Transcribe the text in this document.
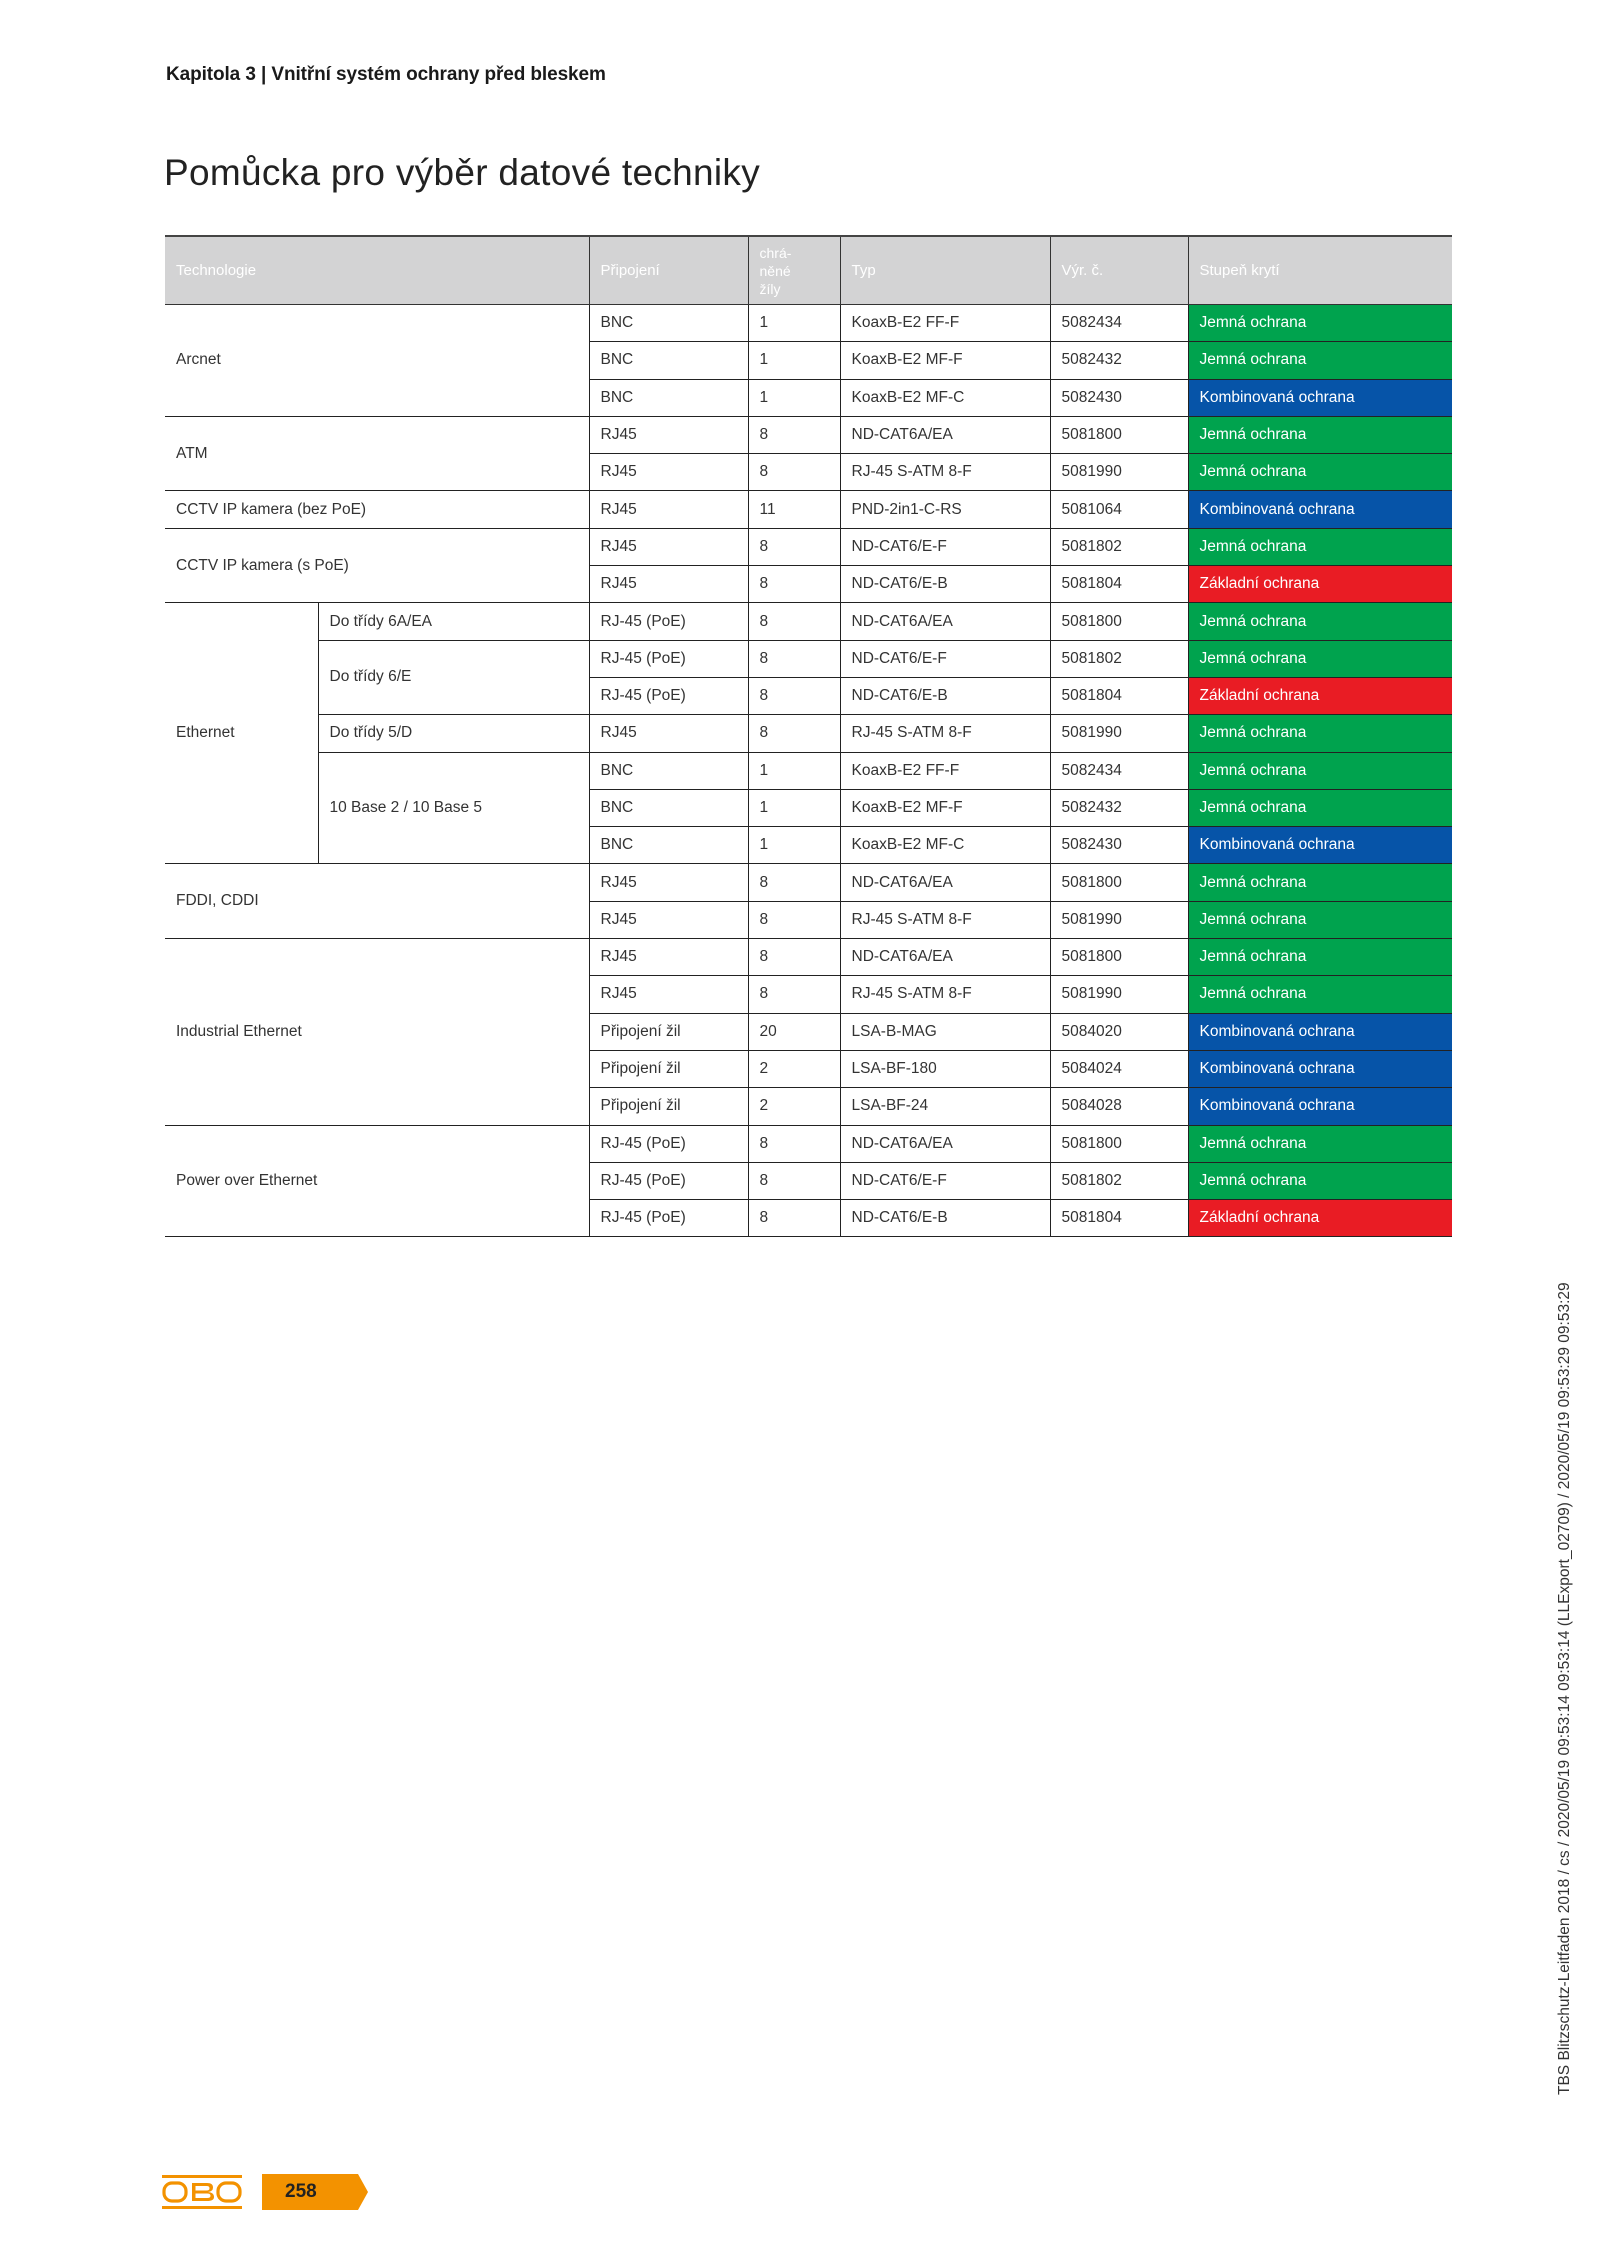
Kapitola 3 | Vnitřní systém ochrany před bleskem
Pomůcka pro výběr datové techniky
Technologie		Připojení	chrá-
něné
žíly	Typ	Výr. č.	Stupeň krytí
Arcnet		BNC	1	KoaxB-E2 FF-F	5082434	Jemná ochrana
		BNC	1	KoaxB-E2 MF-F	5082432	Jemná ochrana
		BNC	1	KoaxB-E2 MF-C	5082430	Kombinovaná ochrana
ATM		RJ45	8	ND-CAT6A/EA	5081800	Jemná ochrana
		RJ45	8	RJ-45 S-ATM 8-F	5081990	Jemná ochrana
CCTV IP kamera (bez PoE)		RJ45	11	PND-2in1-C-RS	5081064	Kombinovaná ochrana
CCTV IP kamera (s PoE)		RJ45	8	ND-CAT6/E-F	5081802	Jemná ochrana
		RJ45	8	ND-CAT6/E-B	5081804	Základní ochrana
Ethernet	Do třídy 6A/EA	RJ-45 (PoE)	8	ND-CAT6A/EA	5081800	Jemná ochrana
	Do třídy 6/E	RJ-45 (PoE)	8	ND-CAT6/E-F	5081802	Jemná ochrana
		RJ-45 (PoE)	8	ND-CAT6/E-B	5081804	Základní ochrana
	Do třídy 5/D	RJ45	8	RJ-45 S-ATM 8-F	5081990	Jemná ochrana
	10 Base 2 / 10 Base 5	BNC	1	KoaxB-E2 FF-F	5082434	Jemná ochrana
		BNC	1	KoaxB-E2 MF-F	5082432	Jemná ochrana
		BNC	1	KoaxB-E2 MF-C	5082430	Kombinovaná ochrana
FDDI, CDDI		RJ45	8	ND-CAT6A/EA	5081800	Jemná ochrana
		RJ45	8	RJ-45 S-ATM 8-F	5081990	Jemná ochrana
Industrial Ethernet		RJ45	8	ND-CAT6A/EA	5081800	Jemná ochrana
		RJ45	8	RJ-45 S-ATM 8-F	5081990	Jemná ochrana
		Připojení žil	20	LSA-B-MAG	5084020	Kombinovaná ochrana
		Připojení žil	2	LSA-BF-180	5084024	Kombinovaná ochrana
		Připojení žil	2	LSA-BF-24	5084028	Kombinovaná ochrana
Power over Ethernet		RJ-45 (PoE)	8	ND-CAT6A/EA	5081800	Jemná ochrana
		RJ-45 (PoE)	8	ND-CAT6/E-F	5081802	Jemná ochrana
		RJ-45 (PoE)	8	ND-CAT6/E-B	5081804	Základní ochrana
TBS Blitzschutz-Leitfaden 2018 / cs / 2020/05/19 09:53:14 09:53:14 (LLExport_02709) / 2020/05/19 09:53:29 09:53:29
258
